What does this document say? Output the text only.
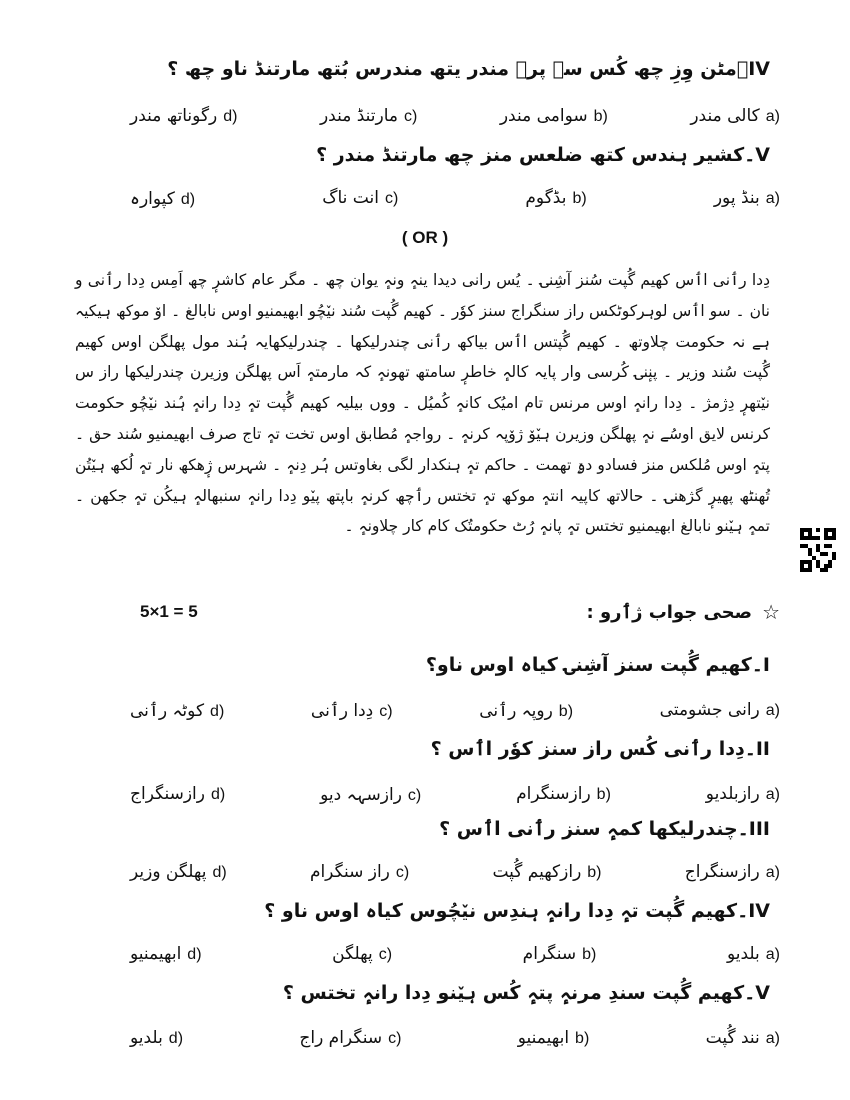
IV۔مٹن وِزِ چھ کُس سۄ پرٛ مندر یتھ مندرس بُتھ مارتنڈ ناو چھ ؟
a)
کالی مندر
b)
سوامی مندر
c)
مارتنڈ مندر
d)
رگوناتھ مندر
V۔کشیر ہندس کتھ ضلعس منز چھ مارتنڈ مندر ؟
a)
بنڈ پور
b)
بڈگوم
c)
انت ناگ
d)
کپوارہ
( OR )
دِدا رٲنی اٲس کھیم گُپت سُنز آشِنۍ ۔ یُس رانی دیدا ینہٕ ونہٕ یوان چھ ۔ مگر عام کاشرٕ چھ اَمِس دِدا رٲنی و نان ۔ سو اٲس لوہرکوٹکس راز سنگراج سنز کوٗر ۔ کھیم گُپت سُند نیٚچُو ابھیمنیو اوس نابالغ ۔ اوٚ موکھ ہیکیہ ہے نہ حکومت چلاوتھ ۔ کھیم گُپتس اٲس بیاکھ رٲنی چندرلیکھا ۔ چندرلیکھایہ ہُند مول پھلگن اوس کھیم گُپت سُند وزیر ۔ پنٕنۍ کُرسی وار پایہ کالہٕ خاطرٕ سامتھ تھونہٕ کہ مارمتہٕ اَس پھلگن وزیرن چندرلیکھا راز س نیٚتھرٕ دِژمژ ۔ دِدا رانہٕ اوس مرنس تام امیُک کانہٕ کُمیُل ۔ ووں بیلیہ کھیم گُپت تہٕ دِدا رانہٕ ہُند نیٚچُو حکومت کرنس لایق اوسُے نہٕ پھلگن وزیرن ہیٚوٚ ژوٚپہ کرنہٕ ۔ رواجہٕ مُطابق اوس تخت تہٕ تاج صرف ابھیمنیو سُند حق ۔ پتہٕ اوس مُلکس منز فسادو دۄٚ تھمت ۔ حاکم تہٕ ہنکدار لگی بغاوتس ہُر دِنہٕ ۔ شہرس ژٕھکھ نار تہٕ لُکھ ہیٚتُن تُھنٹھ پھیرٕ گژھنۍ ۔ حالاتھ کاپیہ انتہٕ موکھ تہٕ تختس رٲچھ کرنہٕ باپتھ پیٚو دِدا رانہٕ سنبھالہٕ ہیکُن تہٕ جکھن ۔ تمہٕ ہیٚنو نابالغ ابھیمنیو تختس تہٕ پانہٕ رُٹ حکومتُک کام کار چلاونہٕ ۔
☆
صحی جواب ژٲرو :
5×1 = 5
I۔کھیم گُپت سنز آشِنۍ کیاہ اوس ناو؟
a)
رانی جشومتی
b)
روپہ رٲنی
c)
دِدا رٲنی
d)
کوٹہ رٲنی
II۔دِدا رٲنی کُس راز سنز کوٗر اٲس ؟
a)
رازبلدیو
b)
رازسنگرام
c)
رازسہہ دیو
d)
رازسنگراج
III۔چندرلیکھا کمہٕ سنز رٲنی اٲس ؟
a)
رازسنگراج
b)
رازکھیم گُپت
c)
راز سنگرام
d)
پھلگن وزیر
IV۔کھیم گُپت تہٕ دِدا رانہٕ ہندِس نیٚچُوس کیاہ اوس ناو ؟
a)
بلدیو
b)
سنگرام
c)
پھلگن
d)
ابھیمنیو
V۔کھیم گُپت سندِ مرنہٕ پتہٕ کُس ہیٚنو دِدا رانہٕ تختس ؟
a)
نند گُپت
b)
ابھیمنیو
c)
سنگرام راج
d)
بلدیو
